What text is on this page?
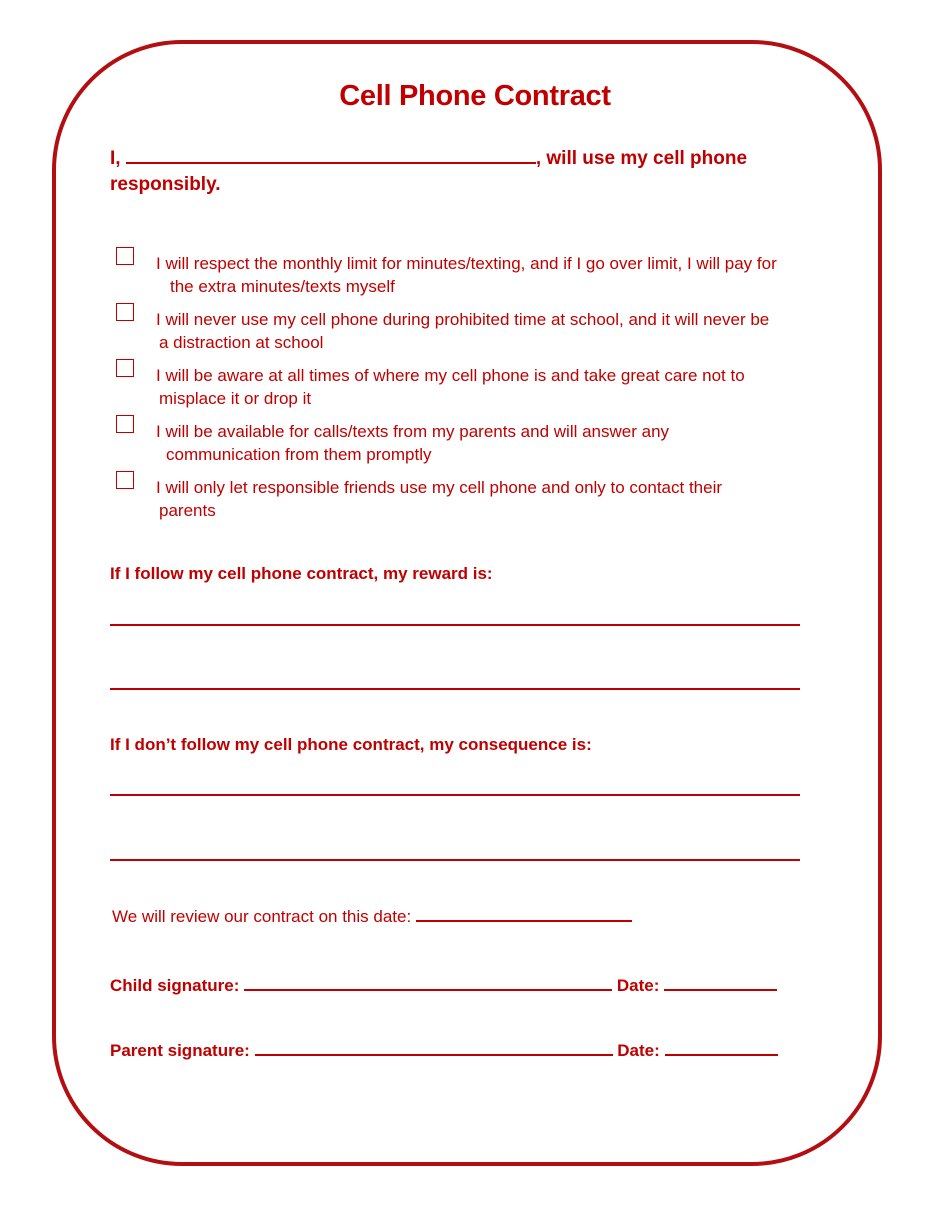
Cell Phone Contract
I,	, will use my cell phone
responsibly.
I will respect the monthly limit for minutes/texting, and if I go over limit, I will pay for
the extra minutes/texts myself
I will never use my cell phone during prohibited time at school, and it will never be
a distraction at school
I will be aware at all times of where my cell phone is and take great care not to
misplace it or drop it
I will be available for calls/texts from my parents and will answer any
communication from them promptly
I will only let responsible friends use my cell phone and only to contact their
parents
If I follow my cell phone contract, my reward is:
If I don’t follow my cell phone contract, my consequence is:
We will review our contract on this date:
Child signature:	Date:
Parent signature:	Date:
